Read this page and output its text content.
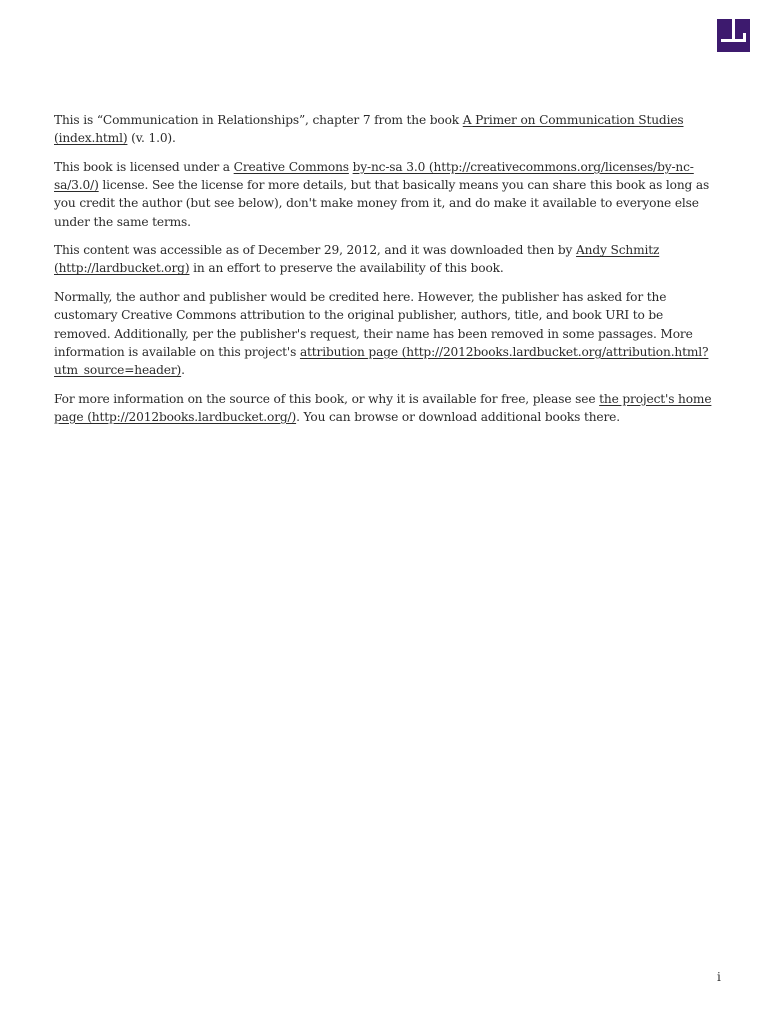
This is “Communication in Relationships”, chapter 7 from the book A Primer on Communication Studies (index.html) (v. 1.0).

This book is licensed under a Creative Commons by-nc-sa 3.0 (http://creativecommons.org/licenses/by-nc-sa/3.0/) license. See the license for more details, but that basically means you can share this book as long as you credit the author (but see below), don't make money from it, and do make it available to everyone else under the same terms.

This content was accessible as of December 29, 2012, and it was downloaded then by Andy Schmitz (http://lardbucket.org) in an effort to preserve the availability of this book.

Normally, the author and publisher would be credited here. However, the publisher has asked for the customary Creative Commons attribution to the original publisher, authors, title, and book URI to be removed. Additionally, per the publisher's request, their name has been removed in some passages. More information is available on this project's attribution page (http://2012books.lardbucket.org/attribution.html?utm_source=header).

For more information on the source of this book, or why it is available for free, please see the project's home page (http://2012books.lardbucket.org/). You can browse or download additional books there.

i
